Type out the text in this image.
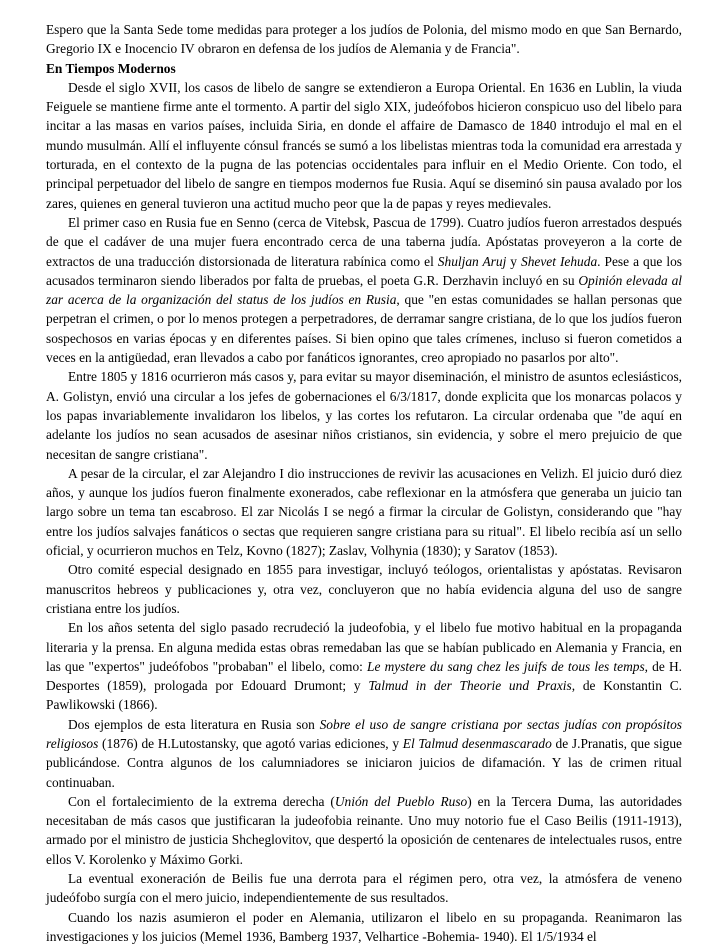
Espero que la Santa Sede tome medidas para proteger a los judíos de Polonia, del mismo modo en que San Bernardo, Gregorio IX e Inocencio IV obraron en defensa de los judíos de Alemania y de Francia".

En Tiempos Modernos

Desde el siglo XVII, los casos de libelo de sangre se extendieron a Europa Oriental. En 1636 en Lublin, la viuda Feiguele se mantiene firme ante el tormento. A partir del siglo XIX, judeófobos hicieron conspicuo uso del libelo para incitar a las masas en varios países, incluida Siria, en donde el affaire de Damasco de 1840 introdujo el mal en el mundo musulmán. Allí el influyente cónsul francés se sumó a los libelistas mientras toda la comunidad era arrestada y torturada, en el contexto de la pugna de las potencias occidentales para influir en el Medio Oriente. Con todo, el principal perpetuador del libelo de sangre en tiempos modernos fue Rusia. Aquí se diseminó sin pausa avalado por los zares, quienes en general tuvieron una actitud mucho peor que la de papas y reyes medievales.

El primer caso en Rusia fue en Senno (cerca de Vitebsk, Pascua de 1799). Cuatro judíos fueron arrestados después de que el cadáver de una mujer fuera encontrado cerca de una taberna judía. Apóstatas proveyeron a la corte de extractos de una traducción distorsionada de literatura rabínica como el Shuljan Aruj y Shevet Iehuda. Pese a que los acusados terminaron siendo liberados por falta de pruebas, el poeta G.R. Derzhavin incluyó en su Opinión elevada al zar acerca de la organización del status de los judíos en Rusia, que "en estas comunidades se hallan personas que perpetran el crimen, o por lo menos protegen a perpetradores, de derramar sangre cristiana, de lo que los judíos fueron sospechosos en varias épocas y en diferentes países. Si bien opino que tales crímenes, incluso si fueron cometidos a veces en la antigüedad, eran llevados a cabo por fanáticos ignorantes, creo apropiado no pasarlos por alto".

Entre 1805 y 1816 ocurrieron más casos y, para evitar su mayor diseminación, el ministro de asuntos eclesiásticos, A. Golistyn, envió una circular a los jefes de gobernaciones el 6/3/1817, donde explicita que los monarcas polacos y los papas invariablemente invalidaron los libelos, y las cortes los refutaron. La circular ordenaba que "de aquí en adelante los judíos no sean acusados de asesinar niños cristianos, sin evidencia, y sobre el mero prejuicio de que necesitan de sangre cristiana".

A pesar de la circular, el zar Alejandro I dio instrucciones de revivir las acusaciones en Velizh. El juicio duró diez años, y aunque los judíos fueron finalmente exonerados, cabe reflexionar en la atmósfera que generaba un juicio tan largo sobre un tema tan escabroso. El zar Nicolás I se negó a firmar la circular de Golistyn, considerando que "hay entre los judíos salvajes fanáticos o sectas que requieren sangre cristiana para su ritual". El libelo recibía así un sello oficial, y ocurrieron muchos en Telz, Kovno (1827); Zaslav, Volhynia (1830); y Saratov (1853).

Otro comité especial designado en 1855 para investigar, incluyó teólogos, orientalistas y apóstatas. Revisaron manuscritos hebreos y publicaciones y, otra vez, concluyeron que no había evidencia alguna del uso de sangre cristiana entre los judíos.

En los años setenta del siglo pasado recrudeció la judeofobia, y el libelo fue motivo habitual en la propaganda literaria y la prensa. En alguna medida estas obras remedaban las que se habían publicado en Alemania y Francia, en las que "expertos" judeófobos "probaban" el libelo, como: Le mystere du sang chez les juifs de tous les temps, de H. Desportes (1859), prologada por Edouard Drumont; y Talmud in der Theorie und Praxis, de Konstantin C. Pawlikowski (1866).

Dos ejemplos de esta literatura en Rusia son Sobre el uso de sangre cristiana por sectas judías con propósitos religiosos (1876) de H.Lutostansky, que agotó varias ediciones, y El Talmud desenmascarado de J.Pranatis, que sigue publicándose. Contra algunos de los calumniadores se iniciaron juicios de difamación. Y las de crimen ritual continuaban.

Con el fortalecimiento de la extrema derecha (Unión del Pueblo Ruso) en la Tercera Duma, las autoridades necesitaban de más casos que justificaran la judeofobia reinante. Uno muy notorio fue el Caso Beilis (1911-1913), armado por el ministro de justicia Shcheglovitov, que despertó la oposición de centenares de intelectuales rusos, entre ellos V. Korolenko y Máximo Gorki.

La eventual exoneración de Beilis fue una derrota para el régimen pero, otra vez, la atmósfera de veneno judeófobo surgía con el mero juicio, independientemente de sus resultados.

Cuando los nazis asumieron el poder en Alemania, utilizaron el libelo en su propaganda. Reanimaron las investigaciones y los juicios (Memel 1936, Bamberg 1937, Velhartice -Bohemia- 1940). El 1/5/1934 el
